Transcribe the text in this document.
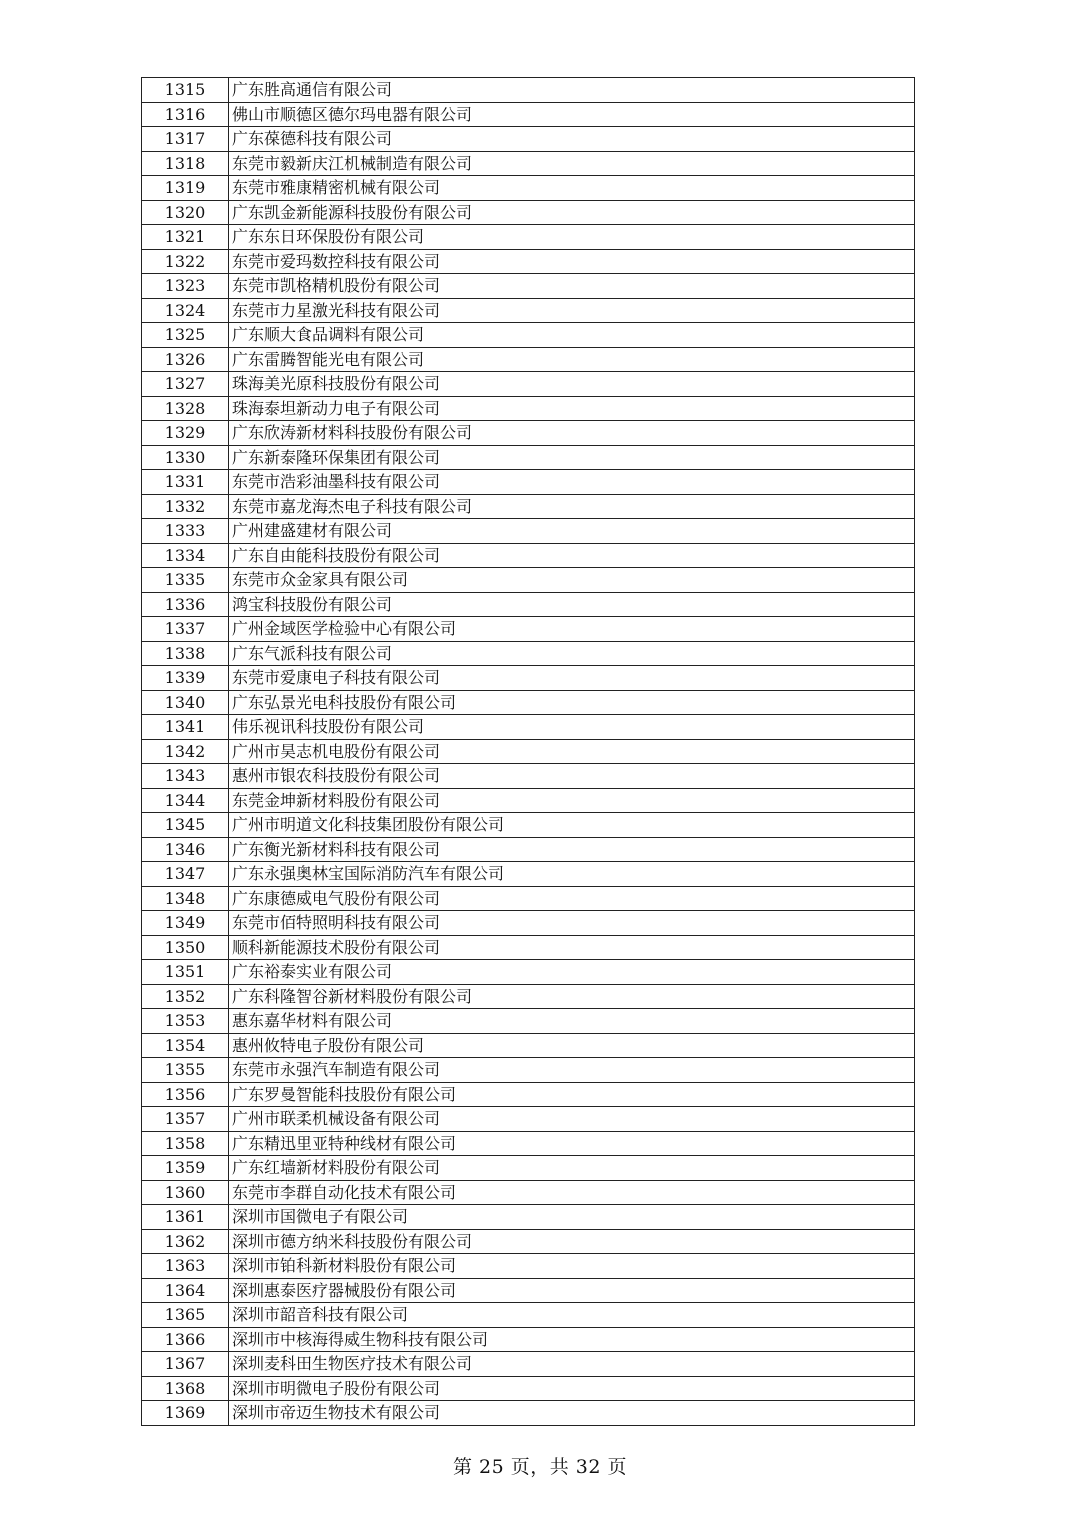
1315	广东胜高通信有限公司
1316	佛山市顺德区德尔玛电器有限公司
1317	广东葆德科技有限公司
1318	东莞市毅新庆江机械制造有限公司
1319	东莞市雅康精密机械有限公司
1320	广东凯金新能源科技股份有限公司
1321	广东东日环保股份有限公司
1322	东莞市爱玛数控科技有限公司
1323	东莞市凯格精机股份有限公司
1324	东莞市力星激光科技有限公司
1325	广东顺大食品调料有限公司
1326	广东雷腾智能光电有限公司
1327	珠海美光原科技股份有限公司
1328	珠海泰坦新动力电子有限公司
1329	广东欣涛新材料科技股份有限公司
1330	广东新泰隆环保集团有限公司
1331	东莞市浩彩油墨科技有限公司
1332	东莞市嘉龙海杰电子科技有限公司
1333	广州建盛建材有限公司
1334	广东自由能科技股份有限公司
1335	东莞市众金家具有限公司
1336	鸿宝科技股份有限公司
1337	广州金域医学检验中心有限公司
1338	广东气派科技有限公司
1339	东莞市爱康电子科技有限公司
1340	广东弘景光电科技股份有限公司
1341	伟乐视讯科技股份有限公司
1342	广州市昊志机电股份有限公司
1343	惠州市银农科技股份有限公司
1344	东莞金坤新材料股份有限公司
1345	广州市明道文化科技集团股份有限公司
1346	广东衡光新材料科技有限公司
1347	广东永强奥林宝国际消防汽车有限公司
1348	广东康德威电气股份有限公司
1349	东莞市佰特照明科技有限公司
1350	顺科新能源技术股份有限公司
1351	广东裕泰实业有限公司
1352	广东科隆智谷新材料股份有限公司
1353	惠东嘉华材料有限公司
1354	惠州攸特电子股份有限公司
1355	东莞市永强汽车制造有限公司
1356	广东罗曼智能科技股份有限公司
1357	广州市联柔机械设备有限公司
1358	广东精迅里亚特种线材有限公司
1359	广东红墙新材料股份有限公司
1360	东莞市李群自动化技术有限公司
1361	深圳市国微电子有限公司
1362	深圳市德方纳米科技股份有限公司
1363	深圳市铂科新材料股份有限公司
1364	深圳惠泰医疗器械股份有限公司
1365	深圳市韶音科技有限公司
1366	深圳市中核海得威生物科技有限公司
1367	深圳麦科田生物医疗技术有限公司
1368	深圳市明微电子股份有限公司
1369	深圳市帝迈生物技术有限公司
第 25 页，共 32 页
